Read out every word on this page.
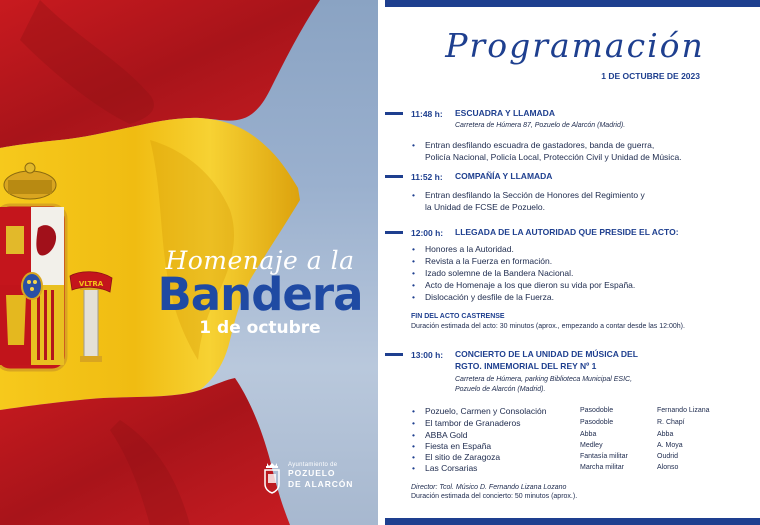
VLTRA
Homenaje a la
Bandera
1 de octubre
Ayuntamiento de
POZUELO
DE ALARCÓN
Programación
1 DE OCTUBRE DE 2023
11:48 h: ESCUADRA Y LLAMADA
Carretera de Húmera 87, Pozuelo de Alarcón (Madrid).
• Entran desfilando escuadra de gastadores, banda de guerra,
Policía Nacional, Policía Local, Protección Civil y Unidad de Música.
11:52 h: COMPAÑÍA Y LLAMADA
• Entran desfilando la Sección de Honores del Regimiento y
la Unidad de FCSE de Pozuelo.
12:00 h: LLEGADA DE LA AUTORIDAD QUE PRESIDE EL ACTO:
• Honores a la Autoridad.
• Revista a la Fuerza en formación.
• Izado solemne de la Bandera Nacional.
• Acto de Homenaje a los que dieron su vida por España.
• Dislocación y desfile de la Fuerza.
FIN DEL ACTO CASTRENSE
Duración estimada del acto: 30 minutos (aprox., empezando a contar desde las 12:00h).
13:00 h: CONCIERTO DE LA UNIDAD DE MÚSICA DEL
RGTO. INMEMORIAL DEL REY Nº 1
Carretera de Húmera, parking Biblioteca Municipal ESIC,
Pozuelo de Alarcón (Madrid).
• Pozuelo, Carmen y Consolación	Pasodoble	Fernando Lizana
• El tambor de Granaderos	Pasodoble	R. Chapí
• ABBA Gold	Abba	Abba
• Fiesta en España	Medley	A. Moya
• El sitio de Zaragoza	Fantasía militar	Oudrid
• Las Corsarias	Marcha militar	Alonso
Director: Tcol. Músico D. Fernando Lizana Lozano
Duración estimada del concierto: 50 minutos (aprox.).
